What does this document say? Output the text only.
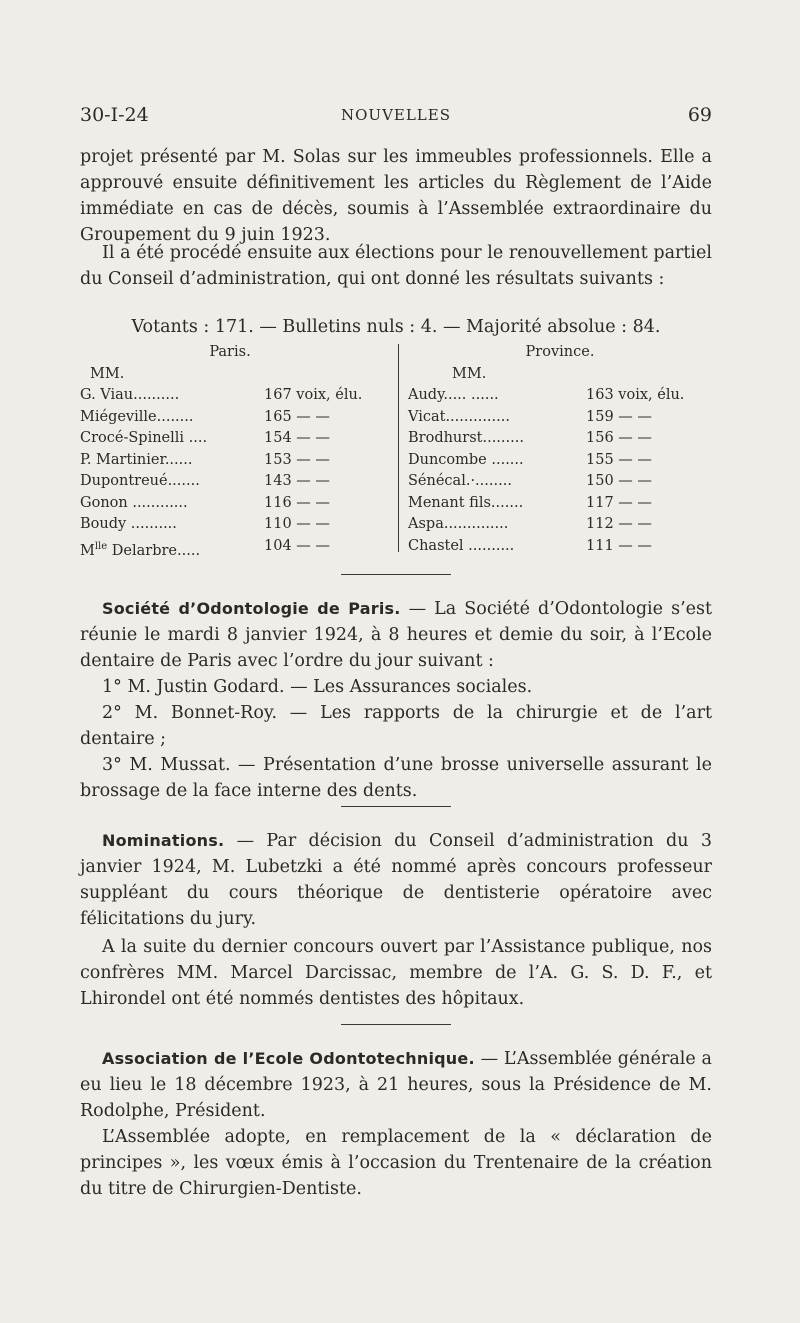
30-I-24	NOUVELLES	69

projet présenté par M. Solas sur les immeubles professionnels. Elle a approuvé ensuite définitivement les articles du Règlement de l’Aide immédiate en cas de décès, soumis à l’Assemblée extraordinaire du Groupement du 9 juin 1923.

Il a été procédé ensuite aux élections pour le renouvellement partiel du Conseil d’administration, qui ont donné les résultats suivants :

Votants : 171. — Bulletins nuls : 4. — Majorité absolue : 84.

Paris.
MM.
G. Viau..........	167 voix, élu.
Miégeville........	165 — —
Crocé-Spinelli ....	154 — —
P. Martinier......	153 — —
Dupontreué.......	143 — —
Gonon ............	116 — —
Boudy ..........	110 — —
$M^{lle}$ Delarbre.....	104 — —
Province.
MM.
Audy..... ......	163 voix, élu.
Vicat..............	159 — —
Brodhurst.........	156 — —
Duncombe .......	155 — —
Sénécal.·........	150 — —
Menant fils.......	117 — —
Aspa..............	112 — —
Chastel ..........	111 — —

Société d’Odontologie de Paris. — La Société d’Odontologie s’est réunie le mardi 8 janvier 1924, à 8 heures et demie du soir, à l’Ecole dentaire de Paris avec l’ordre du jour suivant :

1° M. Justin Godard. — Les Assurances sociales.

2° M. Bonnet-Roy. — Les rapports de la chirurgie et de l’art dentaire ;

3° M. Mussat. — Présentation d’une brosse universelle assurant le brossage de la face interne des dents.

Nominations. — Par décision du Conseil d’administration du 3 janvier 1924, M. Lubetzki a été nommé après concours professeur suppléant du cours théorique de dentisterie opératoire avec félicitations du jury.

A la suite du dernier concours ouvert par l’Assistance publique, nos confrères MM. Marcel Darcissac, membre de l’A. G. S. D. F., et Lhirondel ont été nommés dentistes des hôpitaux.

Association de l’Ecole Odontotechnique. — L’Assemblée générale a eu lieu le 18 décembre 1923, à 21 heures, sous la Présidence de M. Rodolphe, Président.

L’Assemblée adopte, en remplacement de la « déclaration de principes », les vœux émis à l’occasion du Trentenaire de la création du titre de Chirurgien-Dentiste.
